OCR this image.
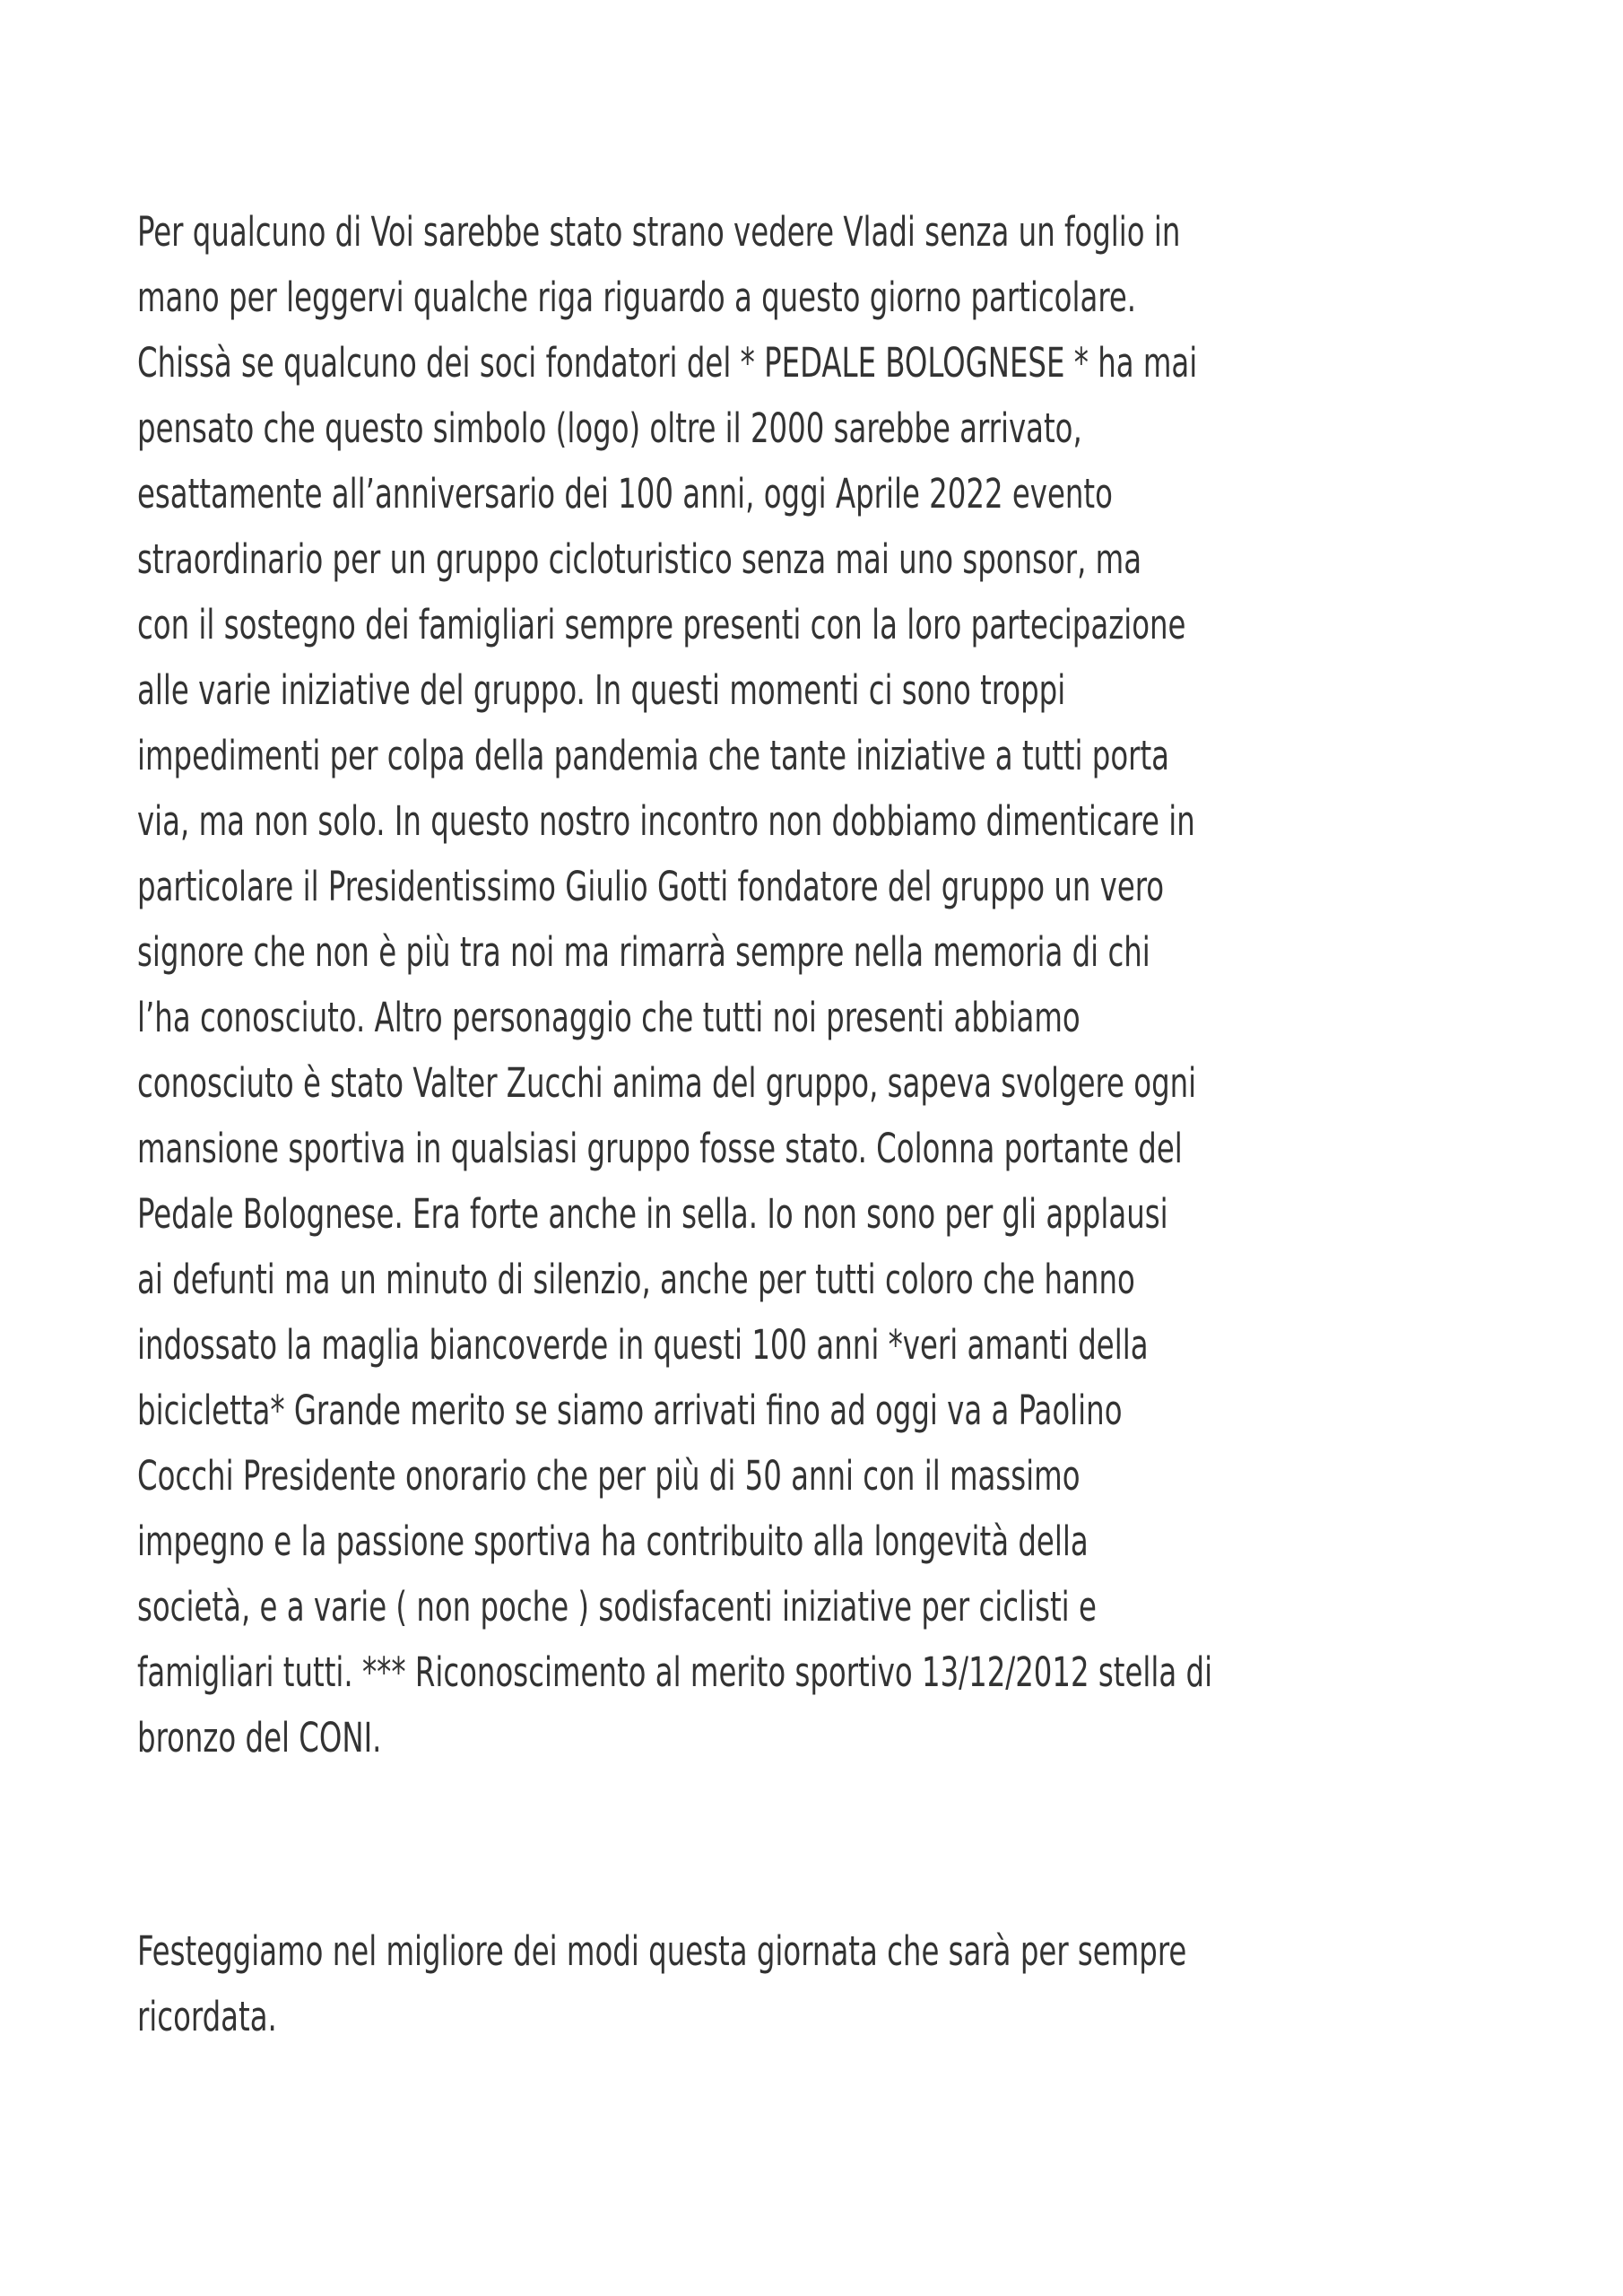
Per qualcuno di Voi sarebbe stato strano vedere Vladi senza un foglio in
mano per leggervi qualche riga riguardo a questo giorno particolare.
Chissà se qualcuno dei soci fondatori del * PEDALE BOLOGNESE * ha mai
pensato che questo simbolo (logo) oltre il 2000 sarebbe arrivato,
esattamente all’anniversario dei 100 anni, oggi Aprile 2022 evento
straordinario per un gruppo cicloturistico senza mai uno sponsor, ma
con il sostegno dei famigliari sempre presenti con la loro partecipazione
alle varie iniziative del gruppo. In questi momenti ci sono troppi
impedimenti per colpa della pandemia che tante iniziative a tutti porta
via, ma non solo. In questo nostro incontro non dobbiamo dimenticare in
particolare il Presidentissimo Giulio Gotti fondatore del gruppo un vero
signore che non è più tra noi ma rimarrà sempre nella memoria di chi
l’ha conosciuto. Altro personaggio che tutti noi presenti abbiamo
conosciuto è stato Valter Zucchi anima del gruppo, sapeva svolgere ogni
mansione sportiva in qualsiasi gruppo fosse stato. Colonna portante del
Pedale Bolognese. Era forte anche in sella. Io non sono per gli applausi
ai defunti ma un minuto di silenzio, anche per tutti coloro che hanno
indossato la maglia biancoverde in questi 100 anni *veri amanti della
bicicletta* Grande merito se siamo arrivati fino ad oggi va a Paolino
Cocchi Presidente onorario che per più di 50 anni con il massimo
impegno e la passione sportiva ha contribuito alla longevità della
società, e a varie ( non poche ) sodisfacenti iniziative per ciclisti e
famigliari tutti. *** Riconoscimento al merito sportivo 13/12/2012 stella di
bronzo del CONI.
Festeggiamo nel migliore dei modi questa giornata che sarà per sempre
ricordata.
